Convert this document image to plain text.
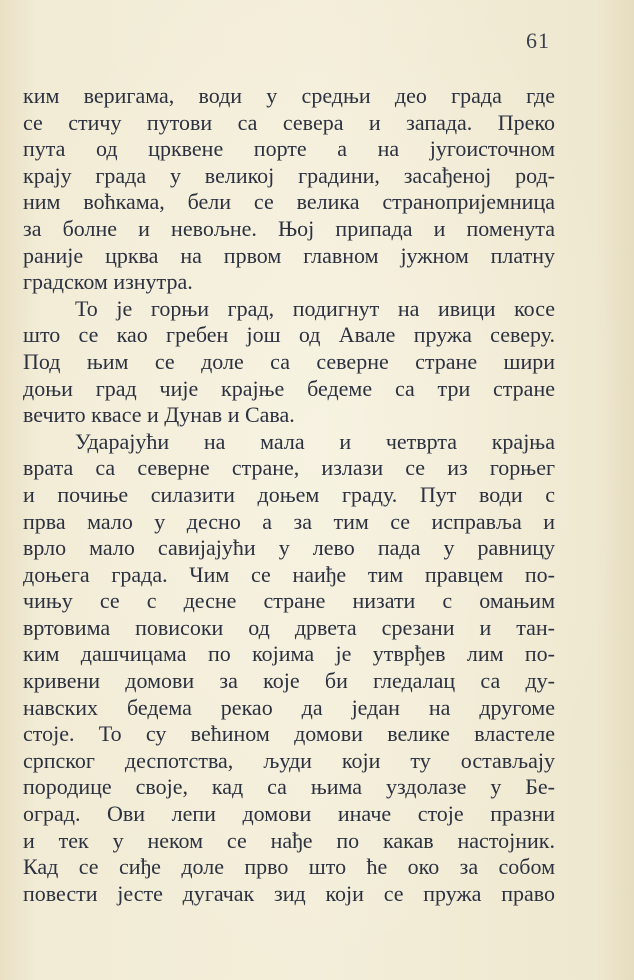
61
ким веригама, води у средњи део града где
се стичу путови са севера и запада. Преко
пута од црквене порте а на југоисточном
крају града у великој градини, засађеној род-
ним воћкама, бели се велика странопријемница
за болне и невољне. Њој припада и поменута
раније црква на првом главном јужном платну
градском изнутра.
То је горњи град, подигнут на ивици косе
што се као гребен још од Авале пружа северу.
Под њим се доле са северне стране шири
доњи град чије крајње бедеме са три стране
вечито квасе и Дунав и Сава.
Ударајући на мала и четврта крајња
врата са северне стране, излази се из горњег
и почиње силазити доњем граду. Пут води с
прва мало у десно а за тим се исправља и
врло мало савијајући у лево пада у равницу
доњега града. Чим се наиђе тим правцем по-
чињу се с десне стране низати с омањим
вртовима повисоки од дрвета срезани и тан-
ким дашчицама по којима је утврђев лим по-
кривени домови за које би гледалац са ду-
навских бедема рекао да један на другоме
стоје. То су већином домови велике властеле
српског деспотства, људи који ту остављају
породице своје, кад са њима уздолазе у Бе-
оград. Ови лепи домови иначе стоје празни
и тек у неком се нађе по какав настојник.
Кад се сиђе доле прво што ће око за собом
повести јесте дугачак зид који се пружа право
